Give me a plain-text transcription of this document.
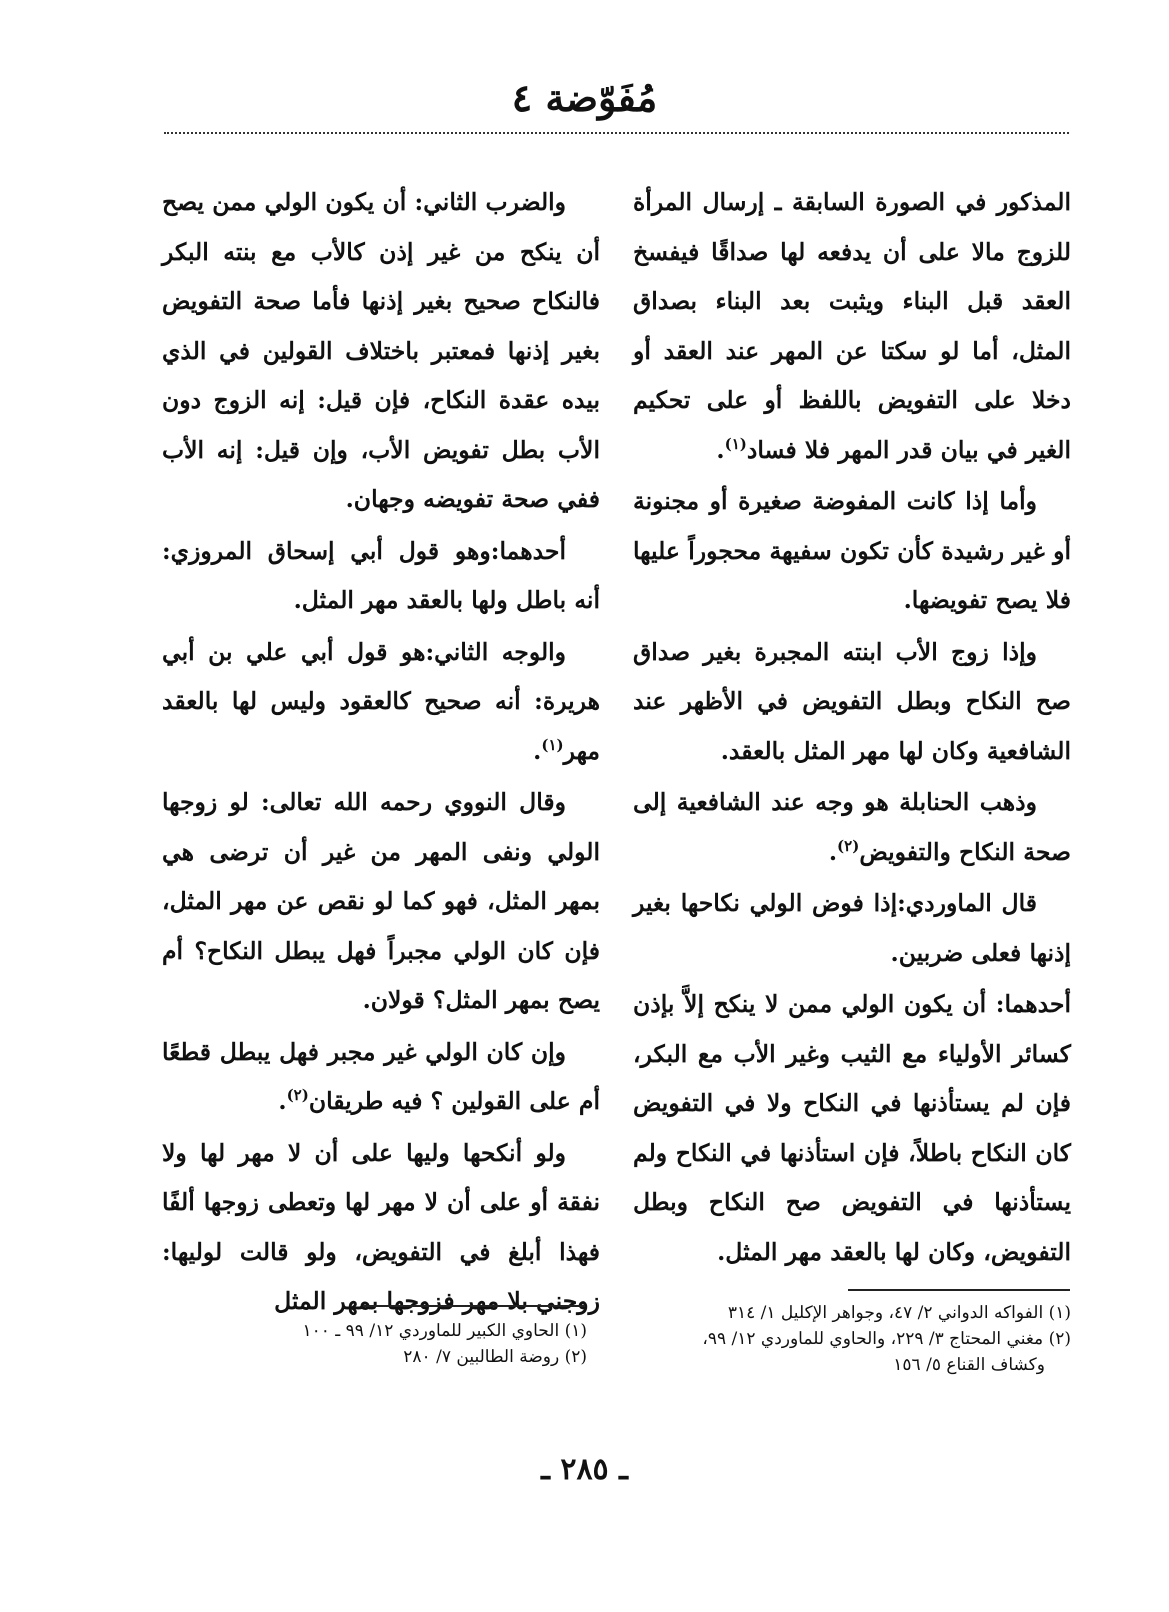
مُفَوّضة ٤

المذكور في الصورة السابقة ـ إرسال المرأة للزوج مالا على أن يدفعه لها صداقًا فيفسخ العقد قبل البناء ويثبت بعد البناء بصداق المثل، أما لو سكتا عن المهر عند العقد أو دخلا على التفويض باللفظ أو على تحكيم الغير في بيان قدر المهر فلا فساد$^{(١)}$.

وأما إذا كانت المفوضة صغيرة أو مجنونة أو غير رشيدة كأن تكون سفيهة محجوراً عليها فلا يصح تفويضها.

وإذا زوج الأب ابنته المجبرة بغير صداق صح النكاح وبطل التفويض في الأظهر عند الشافعية وكان لها مهر المثل بالعقد.

وذهب الحنابلة هو وجه عند الشافعية إلى صحة النكاح والتفويض$^{(٢)}$.

قال الماوردي:إذا فوض الولي نكاحها بغير إذنها فعلى ضربين.

أحدهما: أن يكون الولي ممن لا ينكح إلاَّ بإذن كسائر الأولياء مع الثيب وغير الأب مع البكر، فإن لم يستأذنها في النكاح ولا في التفويض كان النكاح باطلاً، فإن استأذنها في النكاح ولم يستأذنها في التفويض صح النكاح وبطل التفويض، وكان لها بالعقد مهر المثل.

والضرب الثاني: أن يكون الولي ممن يصح أن ينكح من غير إذن كالأب مع بنته البكر فالنكاح صحيح بغير إذنها فأما صحة التفويض بغير إذنها فمعتبر باختلاف القولين في الذي بيده عقدة النكاح، فإن قيل: إنه الزوج دون الأب بطل تفويض الأب، وإن قيل: إنه الأب ففي صحة تفويضه وجهان.

أحدهما:وهو قول أبي إسحاق المروزي: أنه باطل ولها بالعقد مهر المثل.

والوجه الثاني:هو قول أبي علي بن أبي هريرة: أنه صحيح كالعقود وليس لها بالعقد مهر$^{(١)}$.

وقال النووي رحمه الله تعالى: لو زوجها الولي ونفى المهر من غير أن ترضى هي بمهر المثل، فهو كما لو نقص عن مهر المثل، فإن كان الولي مجبراً فهل يبطل النكاح؟ أم يصح بمهر المثل؟ قولان.

وإن كان الولي غير مجبر فهل يبطل قطعًا أم على القولين ؟ فيه طريقان$^{(٢)}$.

ولو أنكحها وليها على أن لا مهر لها ولا نفقة أو على أن لا مهر لها وتعطى زوجها ألفًا فهذا أبلغ في التفويض، ولو قالت لوليها: زوجني بلا مهر فزوجها بمهر المثل	(١) الفواكه الدواني ٢/ ٤٧، وجواهر الإكليل ١/ ٣١٤
(٢) مغني المحتاج ٣/ ٢٢٩، والحاوي للماوردي ١٢/ ٩٩،
وكشاف القناع ٥/ ١٥٦
(١) الحاوي الكبير للماوردي ١٢/ ٩٩ ـ ١٠٠
(٢) روضة الطالبين ٧/ ٢٨٠
ـ ٢٨٥ ـ
